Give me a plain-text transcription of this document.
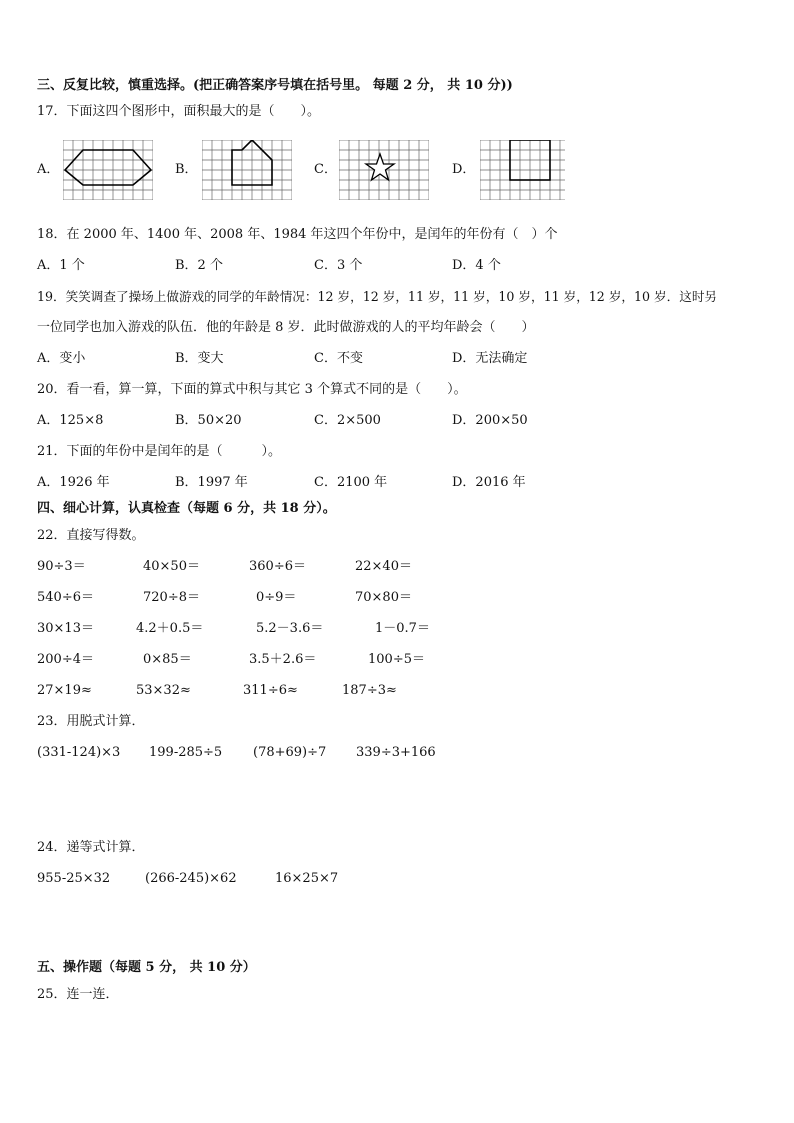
三、反复比较，慎重选择。(把正确答案序号填在括号里。 每题 2 分， 共 10 分))
17．下面这四个图形中，面积最大的是（　　）。
A．	B．	C．	D．
18．在 2000 年、1400 年、2008 年、1984 年这四个年份中，是闰年的年份有（　）个
A．1 个	B．2 个	C．3 个	D．4 个
19．笑笑调查了操场上做游戏的同学的年龄情况：12 岁，12 岁，11 岁，11 岁，10 岁，11 岁，12 岁，10 岁．这时另
一位同学也加入游戏的队伍．他的年龄是 8 岁．此时做游戏的人的平均年龄会（　　）
A．变小	B．变大	C．不变	D．无法确定
20．看一看，算一算，下面的算式中积与其它 3 个算式不同的是（　　）。
A．125×8	B．50×20	C．2×500	D．200×50
21．下面的年份中是闰年的是（　　　）。
A．1926 年	B．1997 年	C．2100 年	D．2016 年
四、细心计算，认真检查（每题 6 分，共 18 分）。
22．直接写得数。
90÷3＝	40×50＝	360÷6＝	22×40＝
540÷6＝	720÷8＝	0÷9＝	70×80＝
30×13＝	4.2＋0.5＝	5.2－3.6＝	1－0.7＝
200÷4＝	0×85＝	3.5＋2.6＝	100÷5＝
27×19≈	53×32≈	311÷6≈	187÷3≈
23．用脱式计算．
(331-124)×3 199-285÷5 (78+69)÷7 339÷3+166
24．递等式计算．
955-25×32	(266-245)×62	16×25×7
五、操作题（每题 5 分， 共 10 分）
25．连一连．
